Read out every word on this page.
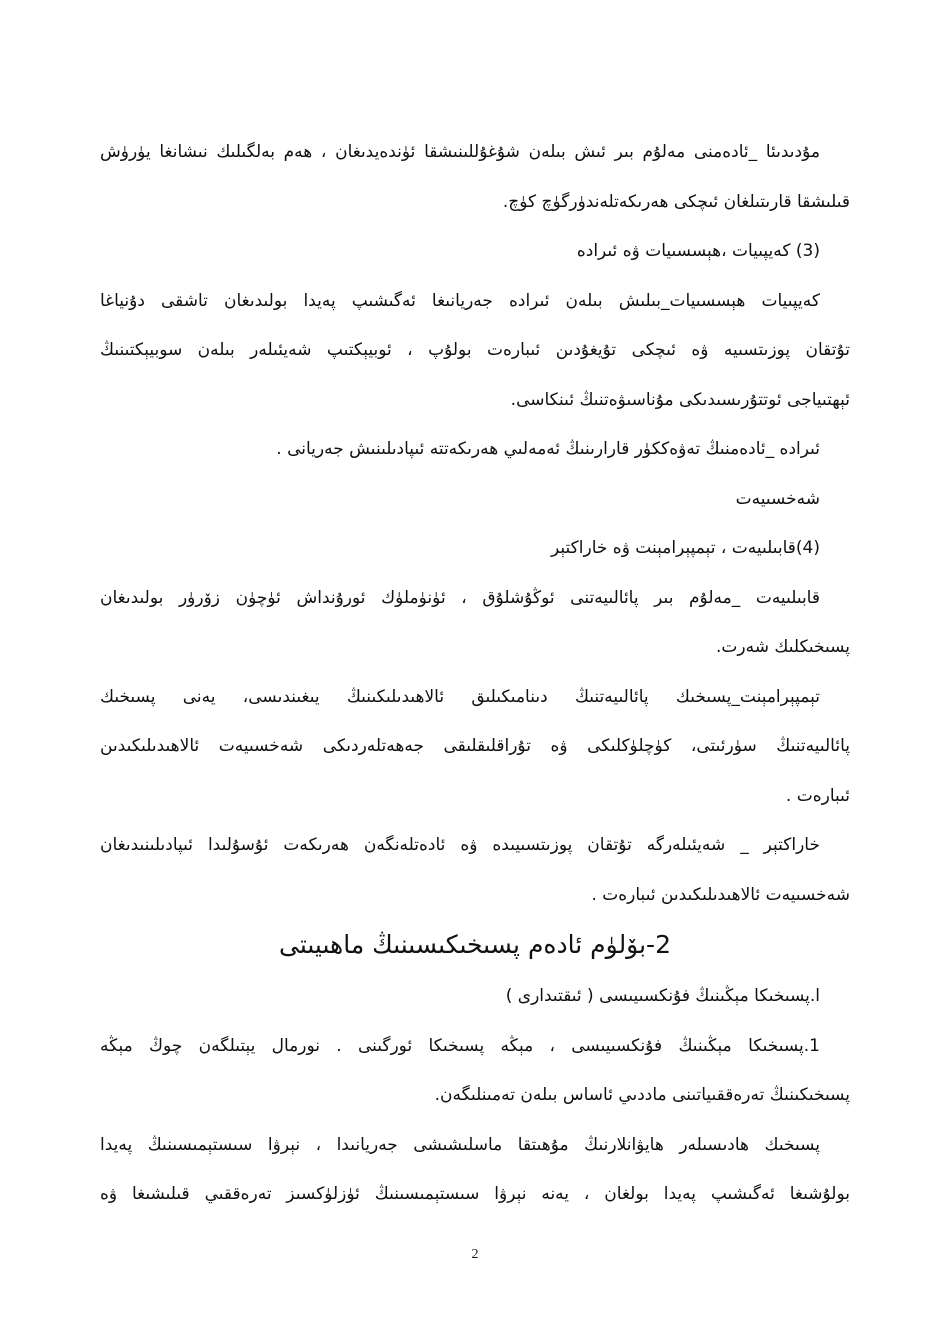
مۇدىدىئا _ئادەمنى مەلۇم بىر ئىش بىلەن شۇغۇللىنىشقا ئۈندەيدىغان ، ھەم بەلگىلىك نىشانغا يۈرۈش
قىلىشقا قارىتىلغان ئىچكى ھەرىكەتلەندۈرگۈچ كۈچ.
(3) كەيپىيات ،ھېسسىيات ۋە ئىرادە
كەيپىيات ھېسسىيات_بىلىش بىلەن ئىرادە جەريانىغا ئەگىشىپ پەيدا بولىدىغان تاشقى دۇنياغا
تۇتقان پوزىتسىيە ۋە ئىچكى تۇيغۇدىن ئىبارەت بولۇپ ، ئوبيېكتىپ شەيئىلەر بىلەن سوبيېكتىنىڭ
ئېھتىياجى ئوتتۇرىسىدىكى مۇناسىۋەتنىڭ ئىنكاسى.
ئىرادە _ئادەمنىڭ تەۋەككۈر قارارىنىڭ ئەمەلىي ھەرىكەتتە ئىپادىلىنىش جەريانى .
شەخسىيەت
(4)قابىلىيەت ، تېمپېرامېنت ۋە خاراكتېر
قابىلىيەت _مەلۇم بىر پائالىيەتنى ئوڭۇشلۇق ، ئۈنۈملۈك ئورۇنداش ئۈچۈن زۆرۈر بولىدىغان
پسىخىكلىك شەرت.
تېمپېرامېنت_پسىخىك پائالىيەتنىڭ دىنامىكىلىق ئالاھىدىلىكىنىڭ يىغىندىسى، يەنى پسىخىك
پائالىيەتنىڭ سۈرئىتى، كۈچلۈكلىكى ۋە تۇراقلىقلىقى جەھەتلەردىكى شەخسىيەت ئالاھىدىلىكىدىن
ئىبارەت .
خاراكتېر _ شەيئىلەرگە تۇتقان پوزىتسىيىدە ۋە ئادەتلەنگەن ھەرىكەت ئۇسۇلىدا ئىپادىلىنىدىغان
شەخسىيەت ئالاھىدىلىكىدىن ئىبارەت .
2-بۆلۈم ئادەم پسىخىكىسىنىڭ ماھىيىتى
ا.پسىخىكا مېڭىنىڭ فۇنكسىيىسى ( ئىقتىدارى )
1.پسىخىكا مېڭىنىڭ فۇنكسىيىسى ، مېڭە پسىخىكا ئورگىنى . نورمال يېتىلگەن چوڭ مېڭە
پسىخىكىنىڭ تەرەققىياتىنى ماددىي ئاساس بىلەن تەمىنلىگەن.
پسىخىك ھادىسىلەر ھايۋانلارنىڭ مۇھىتقا ماسلىشىشى جەريانىدا ، نېرۋا سىستېمىسىنىڭ پەيدا
بولۇشىغا ئەگىشىپ پەيدا بولغان ، يەنە نېرۋا سىستېمىسىنىڭ ئۈزلۈكسىز تەرەققىي قىلىشىغا ۋە
2
